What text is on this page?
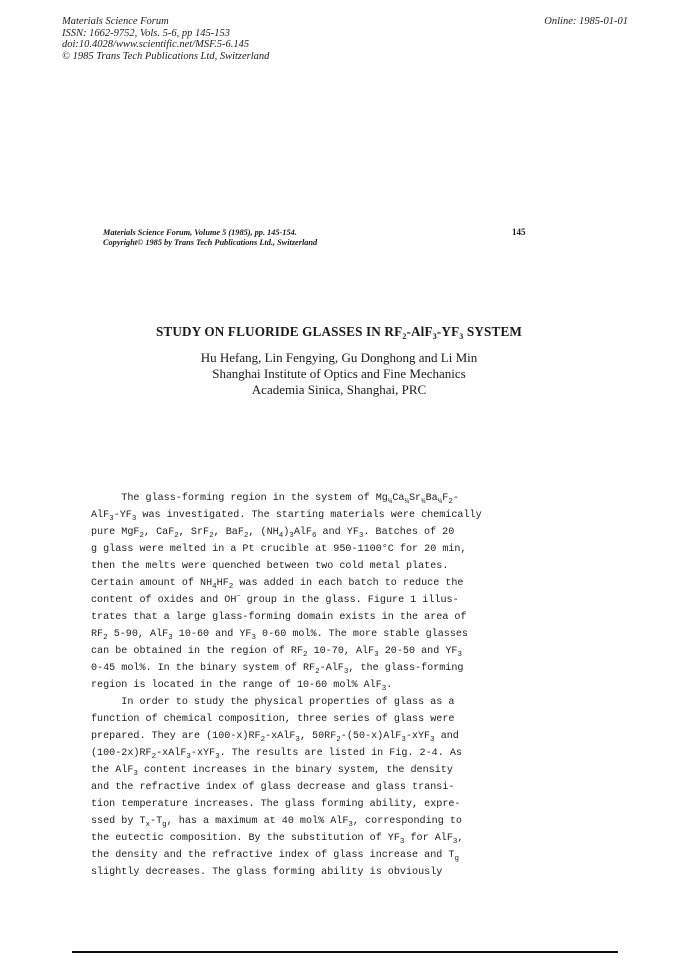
Materials Science Forum
ISSN: 1662-9752, Vols. 5-6, pp 145-153
doi:10.4028/www.scientific.net/MSF.5-6.145
© 1985 Trans Tech Publications Ltd, Switzerland
Online: 1985-01-01
Materials Science Forum, Volume 5 (1985), pp. 145-154.
Copyright© 1985 by Trans Tech Publications Ltd., Switzerland
145
STUDY ON FLUORIDE GLASSES IN $RF_2-AlF_3-YF_3$ SYSTEM
Hu Hefang, Lin Fengying, Gu Donghong and Li Min
Shanghai Institute of Optics and Fine Mechanics
Academia Sinica, Shanghai, PRC
The glass-forming region in the system of $Mg_{\frac{1}{4}}Ca_{\frac{1}{4}}Sr_{\frac{1}{4}}Ba_{\frac{1}{4}}F_2-$
$AlF_3-YF_3$ was investigated. The starting materials were chemically
pure MgF$_2$, CaF$_2$, SrF$_2$, BaF$_2$, $(NH_4)_3AlF_6$ and $YF_3$. Batches of 20
g glass were melted in a Pt crucible at 950-1100°C for 20 min,
then the melts were quenched between two cold metal plates.
Certain amount of $NH_4HF_2$ was added in each batch to reduce the
content of oxides and OH− group in the glass. Figure 1 illus-
trates that a large glass-forming domain exists in the area of
$RF_2$ 5-90, AlF$_3$ 10-60 and $YF_3$ 0-60 mol%. The more stable glasses
can be obtained in the region of $RF_2$ 10-70, AlF$_3$ 20-50 and $YF_3$
0-45 mol%. In the binary system of $RF_2-AlF_3$, the glass-forming
region is located in the range of 10-60 mol% AlF$_3$.
In order to study the physical properties of glass as a
function of chemical composition, three series of glass were
prepared. They are $(100-x)RF_2-xAlF_3$, $50RF_2-(50-x)AlF_3-xYF_3$ and
$(100-2x)RF_2-xAlF_3-xYF_3$. The results are listed in Fig. 2-4. As
the AlF$_3$ content increases in the binary system, the density
and the refractive index of glass decrease and glass transi-
tion temperature increases. The glass forming ability, expre-
ssed by $T_x-T_g$, has a maximum at 40 mol% AlF$_3$, corresponding to
the eutectic composition. By the substitution of $YF_3$ for AlF$_3$,
the density and the refractive index of glass increase and $T_g$
slightly decreases. The glass forming ability is obviously
